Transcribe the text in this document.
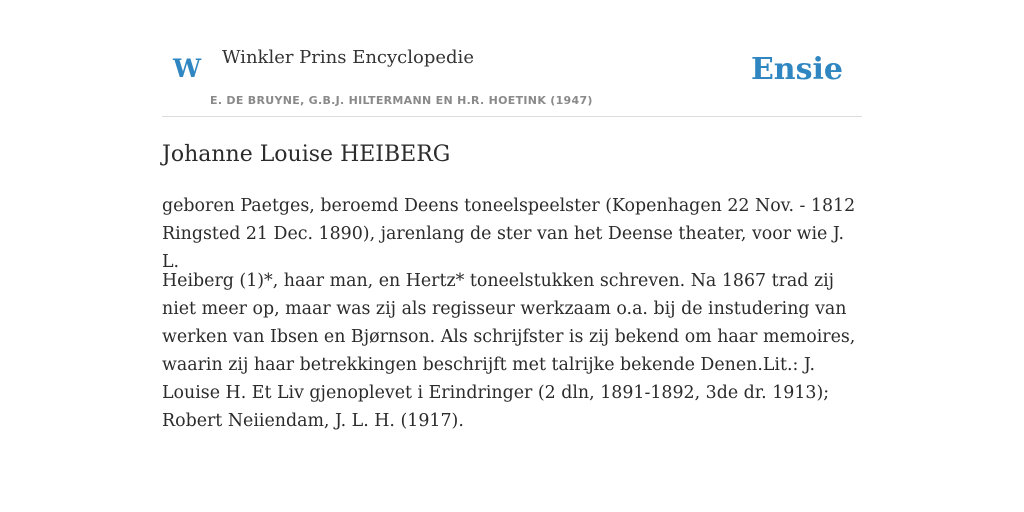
W Winkler Prins Encyclopedie
E. DE BRUYNE, G.B.J. HILTERMANN EN H.R. HOETINK (1947)
Ensie
Johanne Louise HEIBERG

geboren Paetges, beroemd Deens toneelspeelster (Kopenhagen 22 Nov. - 1812 Ringsted 21 Dec. 1890), jarenlang de ster van het Deense theater, voor wie J. L.

Heiberg (1)*, haar man, en Hertz* toneelstukken schreven. Na 1867 trad zij niet meer op, maar was zij als regisseur werkzaam o.a. bij de instudering van werken van Ibsen en Bjørnson. Als schrijfster is zij bekend om haar memoires, waarin zij haar betrekkingen beschrijft met talrijke bekende Denen.Lit.: J. Louise H. Et Liv gjenoplevet i Erindringer (2 dln, 1891-1892, 3de dr. 1913); Robert Neiiendam, J. L. H. (1917).
